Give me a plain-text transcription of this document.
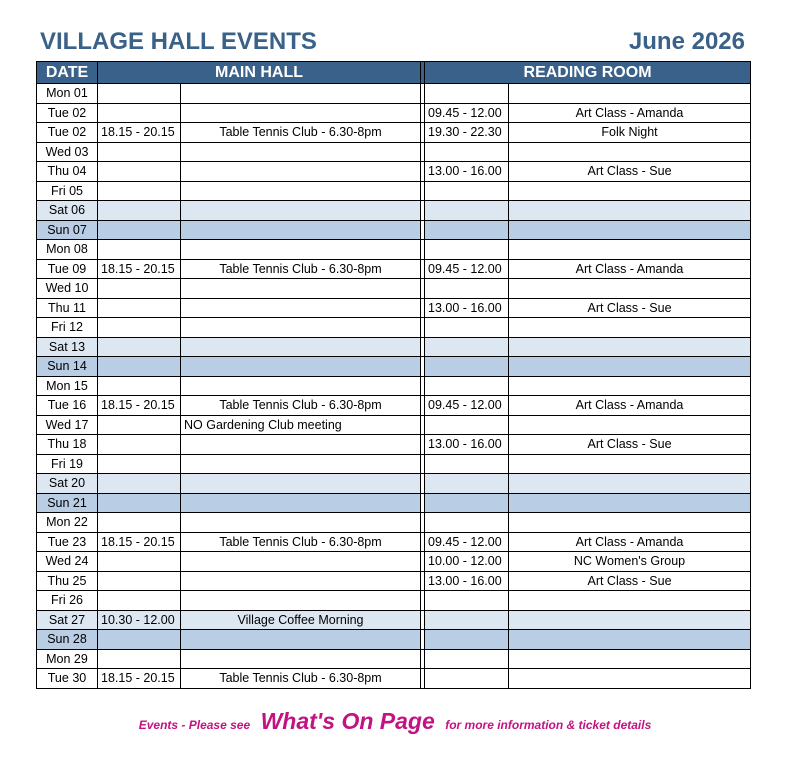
VILLAGE HALL EVENTS	June 2026
DATE	MAIN HALL			READING ROOM	
Mon 01					
Tue 02				09.45 - 12.00	Art Class - Amanda
Tue 02	18.15 - 20.15	Table Tennis Club - 6.30-8pm		19.30 - 22.30	Folk Night
Wed 03					
Thu 04				13.00 - 16.00	Art Class - Sue
Fri 05					
Sat 06					
Sun 07					
Mon 08					
Tue 09	18.15 - 20.15	Table Tennis Club - 6.30-8pm		09.45 - 12.00	Art Class - Amanda
Wed 10					
Thu 11				13.00 - 16.00	Art Class - Sue
Fri 12					
Sat 13					
Sun 14					
Mon 15					
Tue 16	18.15 - 20.15	Table Tennis Club - 6.30-8pm		09.45 - 12.00	Art Class - Amanda
Wed 17		NO Gardening Club meeting			
Thu 18				13.00 - 16.00	Art Class - Sue
Fri 19					
Sat 20					
Sun 21					
Mon 22					
Tue 23	18.15 - 20.15	Table Tennis Club - 6.30-8pm		09.45 - 12.00	Art Class - Amanda
Wed 24				10.00 - 12.00	NC Women's Group
Thu 25				13.00 - 16.00	Art Class - Sue
Fri 26					
Sat 27	10.30 - 12.00	Village Coffee Morning			
Sun 28					
Mon 29					
Tue 30	18.15 - 20.15	Table Tennis Club - 6.30-8pm			
Events - Please see What's On Page for more information & ticket details
